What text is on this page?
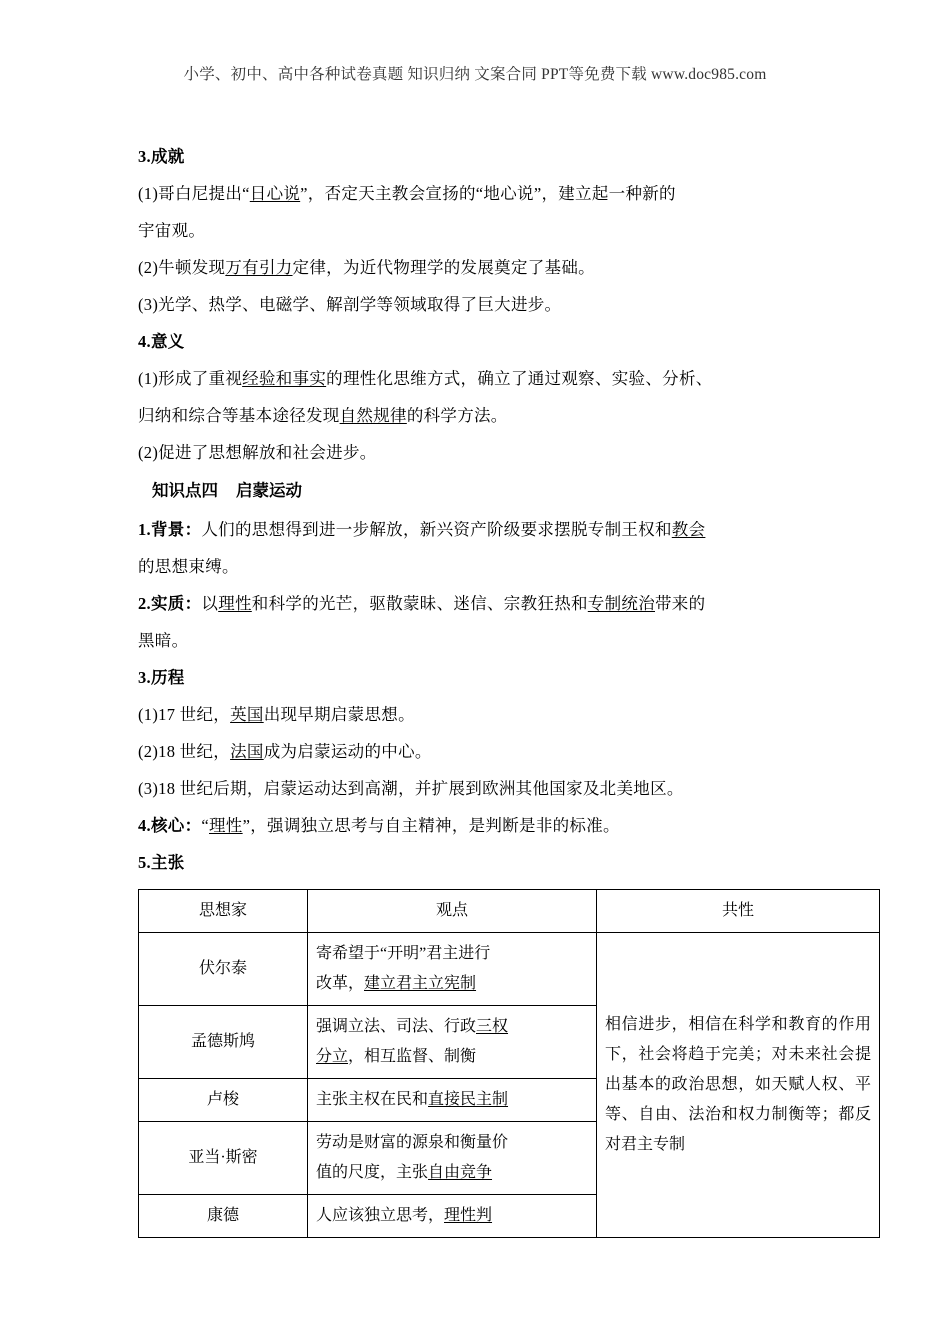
小学、初中、高中各种试卷真题 知识归纳 文案合同 PPT等免费下载 www.doc985.com
3.成就
(1)哥白尼提出“日心说”，否定天主教会宣扬的“地心说”，建立起一种新的
宇宙观。
(2)牛顿发现万有引力定律，为近代物理学的发展奠定了基础。
(3)光学、热学、电磁学、解剖学等领域取得了巨大进步。
4.意义
(1)形成了重视经验和事实的理性化思维方式，确立了通过观察、实验、分析、
归纳和综合等基本途径发现自然规律的科学方法。
(2)促进了思想解放和社会进步。
知识点四 启蒙运动
1.背景：人们的思想得到进一步解放，新兴资产阶级要求摆脱专制王权和教会
的思想束缚。
2.实质：以理性和科学的光芒，驱散蒙昧、迷信、宗教狂热和专制统治带来的
黑暗。
3.历程
(1)17 世纪，英国出现早期启蒙思想。
(2)18 世纪，法国成为启蒙运动的中心。
(3)18 世纪后期，启蒙运动达到高潮，并扩展到欧洲其他国家及北美地区。
4.核心：“理性”，强调独立思考与自主精神，是判断是非的标准。
5.主张
思想家	观点	共性
伏尔泰	寄希望于“开明”君主进行
改革，建立君主立宪制	相信进步，相信在科学和教育的作用下，社会将趋于完美；对未来社会提出基本的政治思想，如天赋人权、平等、自由、法治和权力制衡等；都反对君主专制
孟德斯鸠	强调立法、司法、行政三权
分立，相互监督、制衡	

卢梭	主张主权在民和直接民主制	

亚当·斯密	劳动是财富的源泉和衡量价
值的尺度，主张自由竞争	

康德	人应该独立思考，理性判	
